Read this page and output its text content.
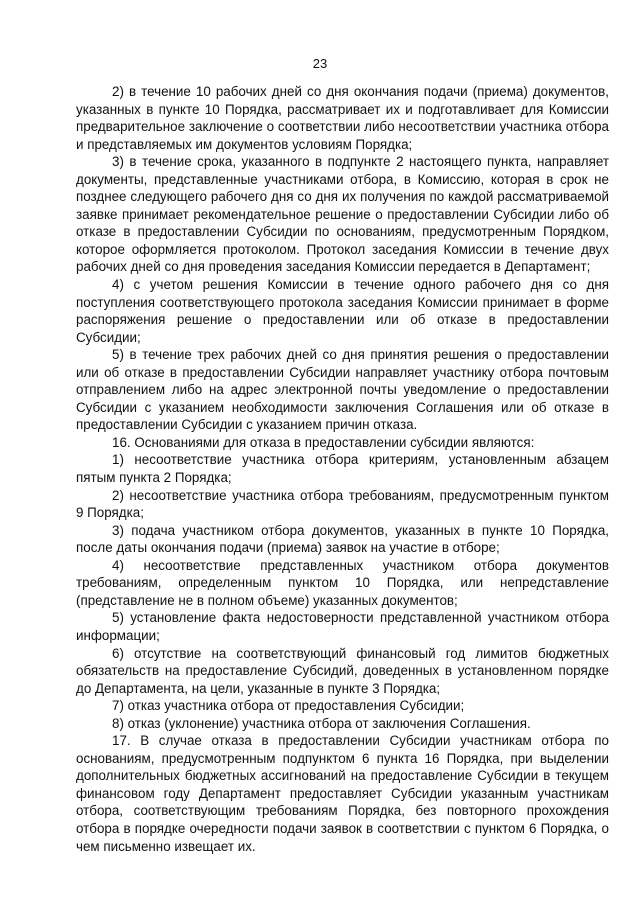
23

2) в течение 10 рабочих дней со дня окончания подачи (приема) документов, указанных в пункте 10 Порядка, рассматривает их и подготавливает для Комиссии предварительное заключение о соответствии либо несоответствии участника отбора и представляемых им документов условиям Порядка;

3) в течение срока, указанного в подпункте 2 настоящего пункта, направляет документы, представленные участниками отбора, в Комиссию, которая в срок не позднее следующего рабочего дня со дня их получения по каждой рассматриваемой заявке принимает рекомендательное решение о предоставлении Субсидии либо об отказе в предоставлении Субсидии по основаниям, предусмотренным Порядком, которое оформляется протоколом. Протокол заседания Комиссии в течение двух рабочих дней со дня проведения заседания Комиссии передается в Департамент;

4) с учетом решения Комиссии в течение одного рабочего дня со дня поступления соответствующего протокола заседания Комиссии принимает в форме распоряжения решение о предоставлении или об отказе в предоставлении Субсидии;

5) в течение трех рабочих дней со дня принятия решения о предоставлении или об отказе в предоставлении Субсидии направляет участнику отбора почтовым отправлением либо на адрес электронной почты уведомление о предоставлении Субсидии с указанием необходимости заключения Соглашения или об отказе в предоставлении Субсидии с указанием причин отказа.

16. Основаниями для отказа в предоставлении субсидии являются:

1) несоответствие участника отбора критериям, установленным абзацем пятым пункта 2 Порядка;

2) несоответствие участника отбора требованиям, предусмотренным пунктом 9 Порядка;

3) подача участником отбора документов, указанных в пункте 10 Порядка, после даты окончания подачи (приема) заявок на участие в отборе;

4) несоответствие представленных участником отбора документов требованиям, определенным пунктом 10 Порядка, или непредставление (представление не в полном объеме) указанных документов;

5) установление факта недостоверности представленной участником отбора информации;

6) отсутствие на соответствующий финансовый год лимитов бюджетных обязательств на предоставление Субсидий, доведенных в установленном порядке до Департамента, на цели, указанные в пункте 3 Порядка;

7) отказ участника отбора от предоставления Субсидии;

8) отказ (уклонение) участника отбора от заключения Соглашения.

17. В случае отказа в предоставлении Субсидии участникам отбора по основаниям, предусмотренным подпунктом 6 пункта 16 Порядка, при выделении дополнительных бюджетных ассигнований на предоставление Субсидии в текущем финансовом году Департамент предоставляет Субсидии указанным участникам отбора, соответствующим требованиям Порядка, без повторного прохождения отбора в порядке очередности подачи заявок в соответствии с пунктом 6 Порядка, о чем письменно извещает их.
